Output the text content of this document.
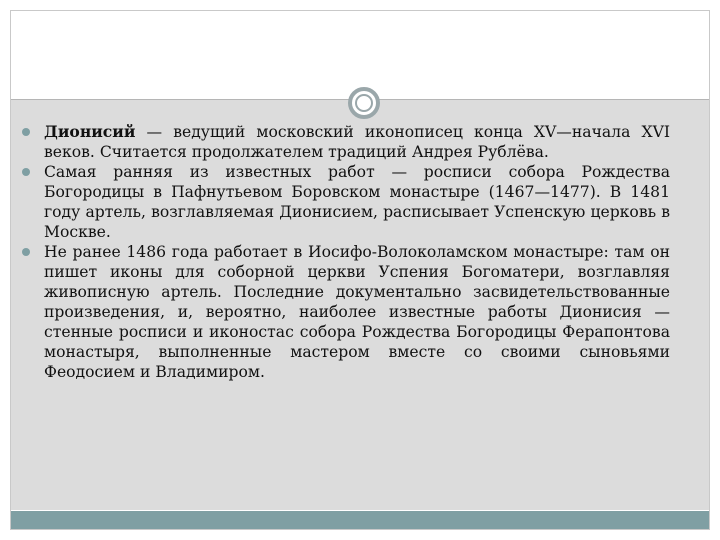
Дионисий — ведущий московский иконописец конца XV—начала XVI веков. Считается продолжателем традиций Андрея Рублёва.
Самая ранняя из известных работ — росписи собора Рождества Богородицы в Пафнутьевом Боровском монастыре (1467—1477). В 1481 году артель, возглавляемая Дионисием, расписывает Успенскую церковь в Москве.
Не ранее 1486 года работает в Иосифо-Волоколамском монастыре: там он пишет иконы для соборной церкви Успения Богоматери, возглавляя живописную артель. Последние документально засвидетельствованные произведения, и, вероятно, наиболее известные работы Дионисия — стенные росписи и иконостас собора Рождества Богородицы Ферапонтова монастыря, выполненные мастером вместе со своими сыновьями Феодосием и Владимиром.
